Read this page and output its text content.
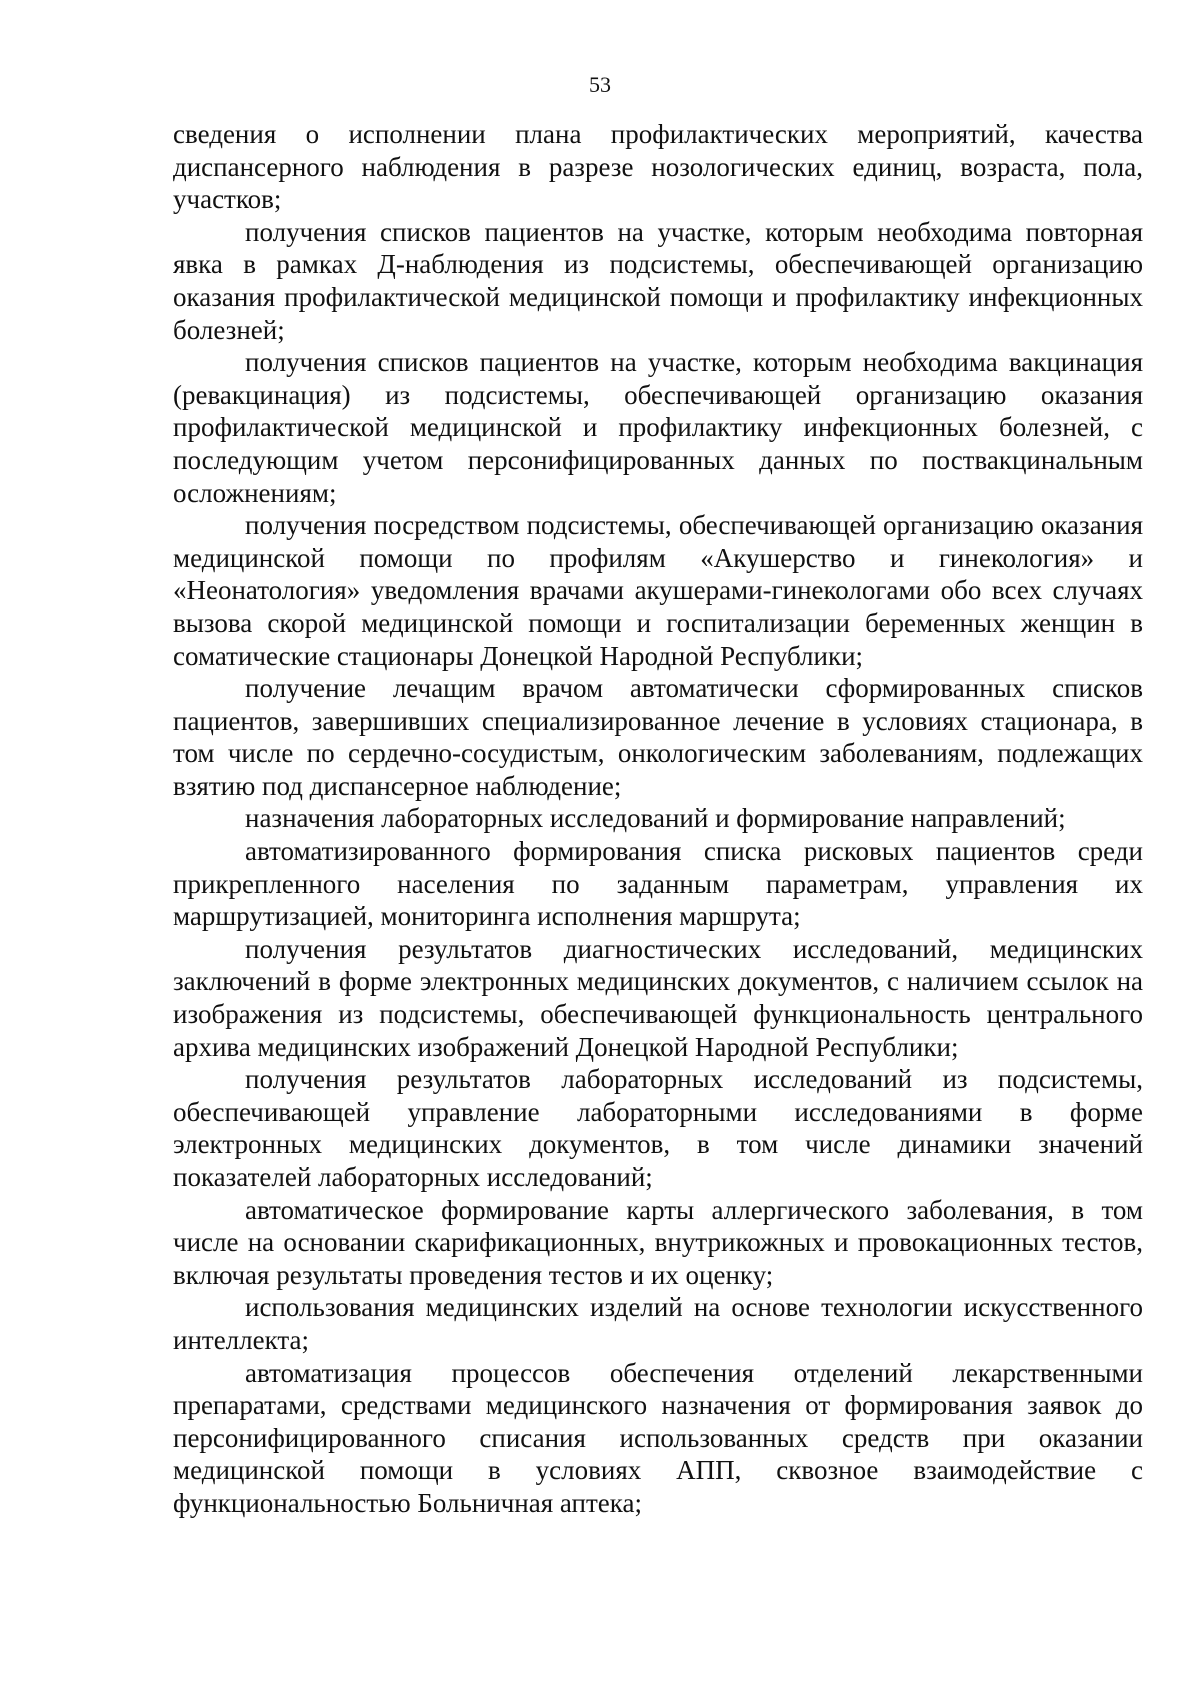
53

сведения о исполнении плана профилактических мероприятий, качества диспансерного наблюдения в разрезе нозологических единиц, возраста, пола, участков;

получения списков пациентов на участке, которым необходима повторная явка в рамках Д-наблюдения из подсистемы, обеспечивающей организацию оказания профилактической медицинской помощи и профилактику инфекционных болезней;

получения списков пациентов на участке, которым необходима вакцинация (ревакцинация) из подсистемы, обеспечивающей организацию оказания профилактической медицинской и профилактику инфекционных болезней, с последующим учетом персонифицированных данных по поствакцинальным осложнениям;

получения посредством подсистемы, обеспечивающей организацию оказания медицинской помощи по профилям «Акушерство и гинекология» и «Неонатология» уведомления врачами акушерами-гинекологами обо всех случаях вызова скорой медицинской помощи и госпитализации беременных женщин в соматические стационары Донецкой Народной Республики;

получение лечащим врачом автоматически сформированных списков пациентов, завершивших специализированное лечение в условиях стационара, в том числе по сердечно-сосудистым, онкологическим заболеваниям, подлежащих взятию под диспансерное наблюдение;

назначения лабораторных исследований и формирование направлений;

автоматизированного формирования списка рисковых пациентов среди прикрепленного населения по заданным параметрам, управления их маршрутизацией, мониторинга исполнения маршрута;

получения результатов диагностических исследований, медицинских заключений в форме электронных медицинских документов, с наличием ссылок на изображения из подсистемы, обеспечивающей функциональность центрального архива медицинских изображений Донецкой Народной Республики;

получения результатов лабораторных исследований из подсистемы, обеспечивающей управление лабораторными исследованиями в форме электронных медицинских документов, в том числе динамики значений показателей лабораторных исследований;

автоматическое формирование карты аллергического заболевания, в том числе на основании скарификационных, внутрикожных и провокационных тестов, включая результаты проведения тестов и их оценку;

использования медицинских изделий на основе технологии искусственного интеллекта;

автоматизация процессов обеспечения отделений лекарственными препаратами, средствами медицинского назначения от формирования заявок до персонифицированного списания использованных средств при оказании медицинской помощи в условиях АПП, сквозное взаимодействие с функциональностью Больничная аптека;
